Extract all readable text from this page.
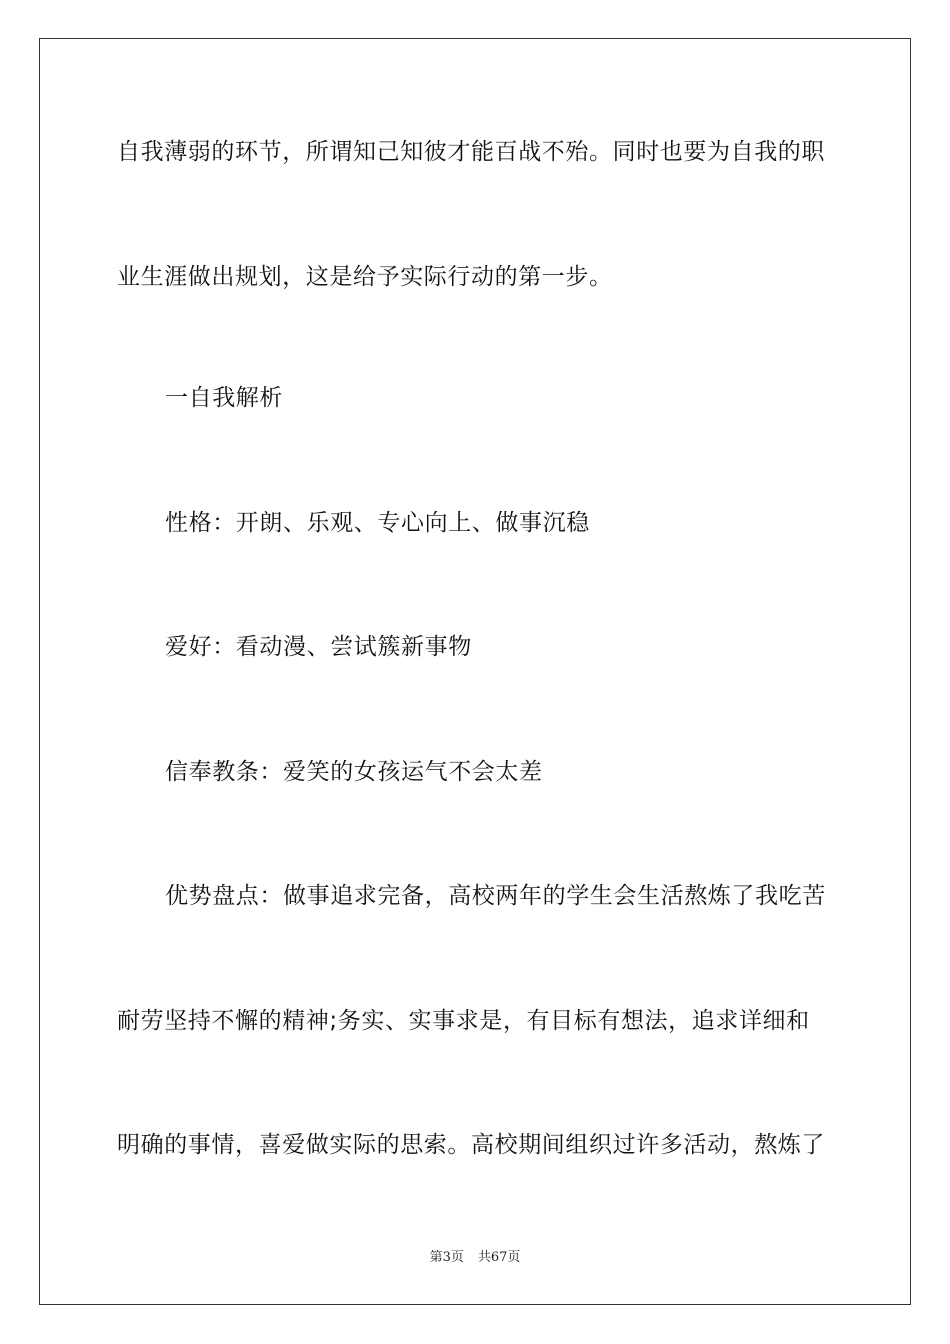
自我薄弱的环节，所谓知己知彼才能百战不殆。同时也要为自我的职
业生涯做出规划，这是给予实际行动的第一步。
一自我解析
性格：开朗、乐观、专心向上、做事沉稳
爱好：看动漫、尝试簇新事物
信奉教条：爱笑的女孩运气不会太差
优势盘点：做事追求完备，高校两年的学生会生活熬炼了我吃苦
耐劳坚持不懈的精神;务实、实事求是，有目标有想法，追求详细和
明确的事情，喜爱做实际的思索。高校期间组织过许多活动，熬炼了
第3页 共67页
